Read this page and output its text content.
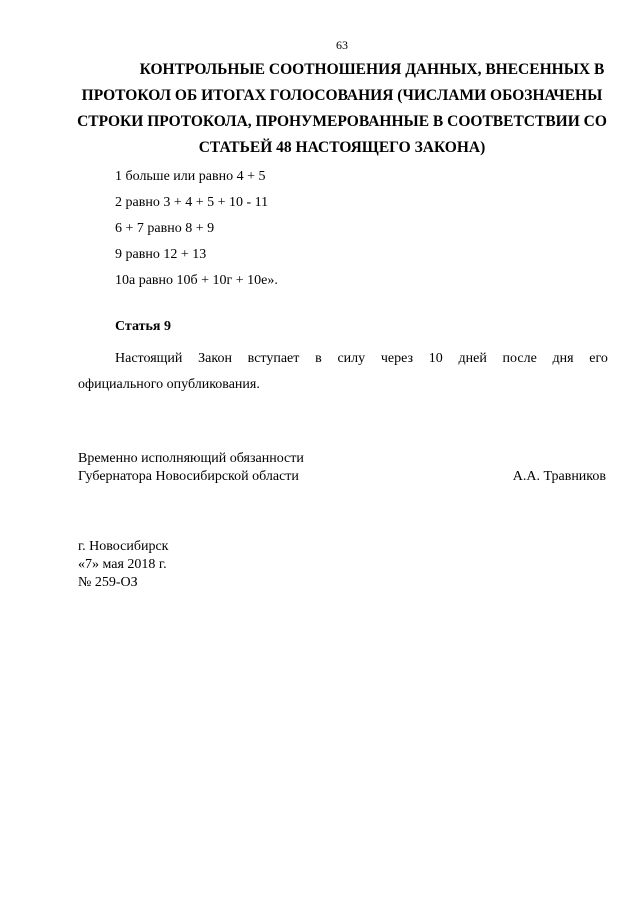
63
КОНТРОЛЬНЫЕ СООТНОШЕНИЯ ДАННЫХ, ВНЕСЕННЫХ В
ПРОТОКОЛ ОБ ИТОГАХ ГОЛОСОВАНИЯ (ЧИСЛАМИ ОБОЗНАЧЕНЫ
СТРОКИ ПРОТОКОЛА, ПРОНУМЕРОВАННЫЕ В СООТВЕТСТВИИ СО
СТАТЬЕЙ 48 НАСТОЯЩЕГО ЗАКОНА)
1 больше или равно 4 + 5
2 равно 3 + 4 + 5 + 10 - 11
6 + 7 равно 8 + 9
9 равно 12 + 13
10а равно 10б + 10г + 10е».
Статья 9
Настоящий Закон вступает в силу через 10 дней после дня его
официального опубликования.
Временно исполняющий обязанности
Губернатора Новосибирской области	А.А. Травников
г. Новосибирск
«7» мая 2018 г.
№ 259-ОЗ
